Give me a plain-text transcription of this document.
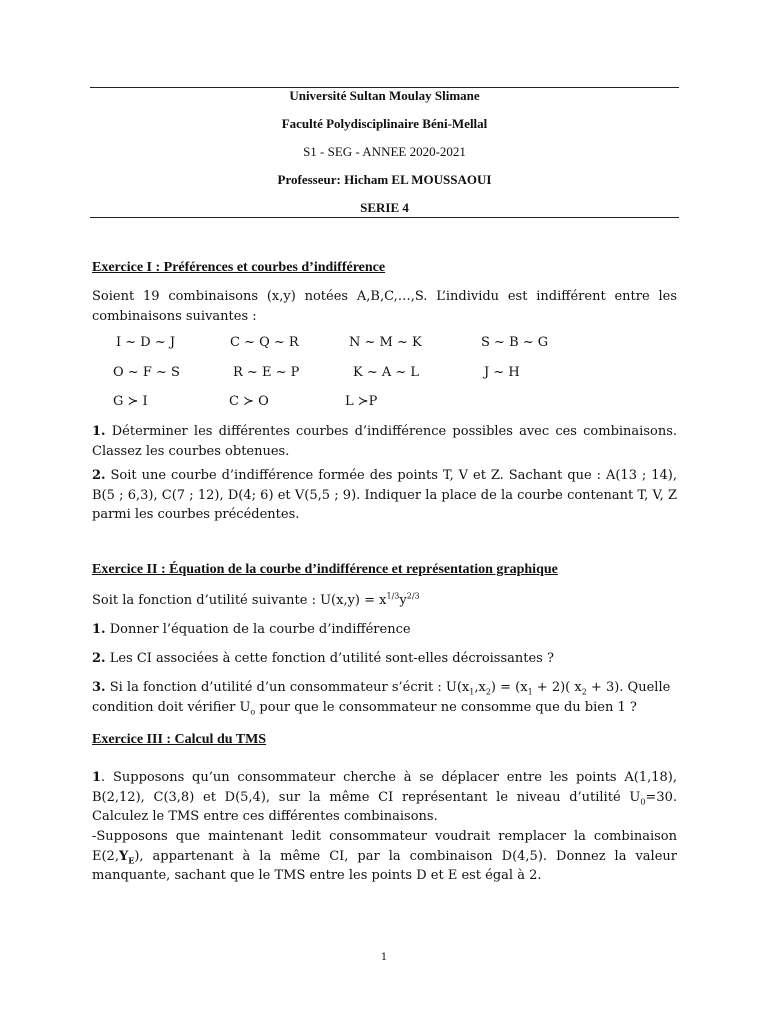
Université Sultan Moulay Slimane
Faculté Polydisciplinaire Béni-Mellal
S1 - SEG - ANNEE 2020-2021
Professeur: Hicham EL MOUSSAOUI
SERIE 4
Exercice I : Préférences et courbes d’indifférence
Soient 19 combinaisons (x,y) notées A,B,C,…,S. L’individu est indifférent entre les combinaisons suivantes :
I ~ D ~ J	C ~ Q ~ R	N ~ M ~ K	S ~ B ~ G
O ~ F ~ S	R ~ E ~ P	K ~ A ~ L	J ~ H
G ≻ I	C ≻ O	L ≻P
1. Déterminer les différentes courbes d’indifférence possibles avec ces combinaisons. Classez les courbes obtenues.
2. Soit une courbe d’indifférence formée des points T, V et Z. Sachant que : A(13 ; 14), B(5 ; 6,3), C(7 ; 12), D(4; 6) et V(5,5 ; 9). Indiquer la place de la courbe contenant T, V, Z parmi les courbes précédentes.
Exercice II : Équation de la courbe d’indifférence et représentation graphique
Soit la fonction d’utilité suivante : $U(x,y) = x^{1/3}y^{2/3}$
1. Donner l’équation de la courbe d’indifférence
2. Les CI associées à cette fonction d’utilité sont-elles décroissantes ?
3. Si la fonction d’utilité d’un consommateur s’écrit : $U(x_1,x_2) = (x_1 + 2)$( $x_2 + 3$). Quelle condition doit vérifier $U_o$ pour que le consommateur ne consomme que du bien 1 ?
Exercice III : Calcul du TMS
1. Supposons qu’un consommateur cherche à se déplacer entre les points A(1,18), B(2,12), C(3,8) et D(5,4), sur la même CI représentant le niveau d’utilité $U_0=30$. Calculez le TMS entre ces différentes combinaisons.
-Supposons que maintenant ledit consommateur voudrait remplacer la combinaison $E(2,Y_E)$, appartenant à la même CI, par la combinaison D(4,5). Donnez la valeur manquante, sachant que le TMS entre les points D et E est égal à 2.
1
